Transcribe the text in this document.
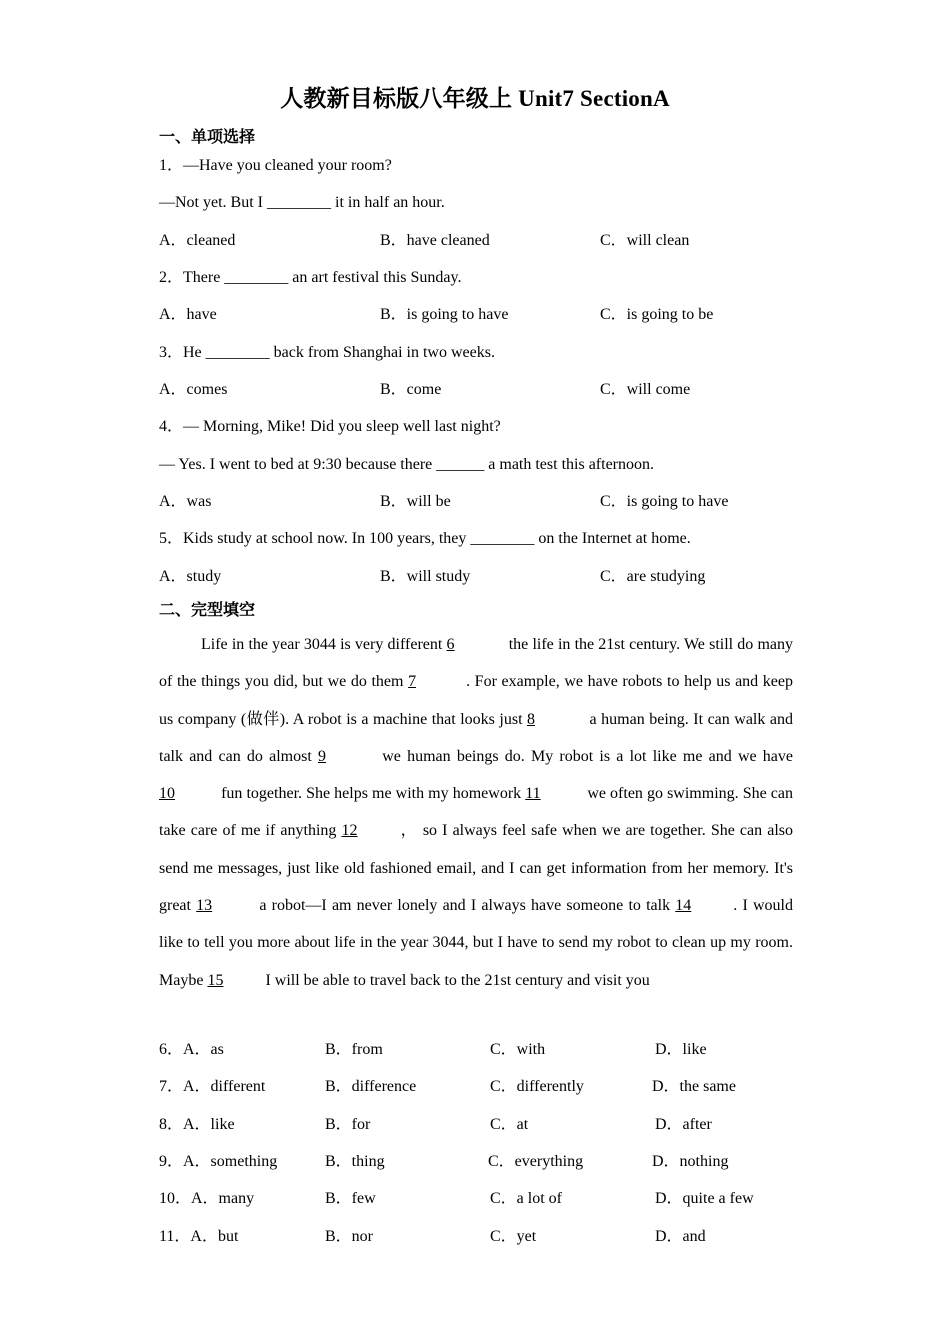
人教新目标版八年级上 Unit7 SectionA
一、单项选择
1．—Have you cleaned your room?
—Not yet. But I ________ it in half an hour.
A．cleaned	B．have cleaned	C．will clean
2．There ________ an art festival this Sunday.
A．have	B．is going to have	C．is going to be
3．He ________ back from Shanghai in two weeks.
A．comes	B．come	C．will come
4．— Morning, Mike! Did you sleep well last night?
— Yes. I went to bed at 9:30 because there ______ a math test this afternoon.
A．was	B．will be	C．is going to have
5．Kids study at school now. In 100 years, they ________ on the Internet at home.
A．study	B．will study	C．are studying
二、完型填空
Life in the year 3044 is very different 6	the life in the 21st century. We still do many of the things you did, but we do them 7	. For example, we have robots to help us and keep us company (做伴). A robot is a machine that looks just 8	a human being. It can walk and talk and can do almost 9	we human beings do. My robot is a lot like me and we have 10	fun together. She helps me with my homework 11	we often go swimming. She can take care of me if anything 12	， so I always feel safe when we are together. She can also send me messages, just like old fashioned email, and I can get information from her memory. It's great 13	a robot—I am never lonely and I always have someone to talk 14	. I would like to tell you more about life in the year 3044, but I have to send my robot to clean up my room. Maybe 15	I will be able to travel back to the 21st century and visit you
6．A．as	B．from	C．with	D．like
7．A．different	B．difference	C．differently	D．the same
8．A．like	B．for	C．at	D．after
9．A．something	B．thing	C．everything	D．nothing
10．A．many	B．few	C．a lot of	D．quite a few
11．A．but	B．nor	C．yet	D．and
